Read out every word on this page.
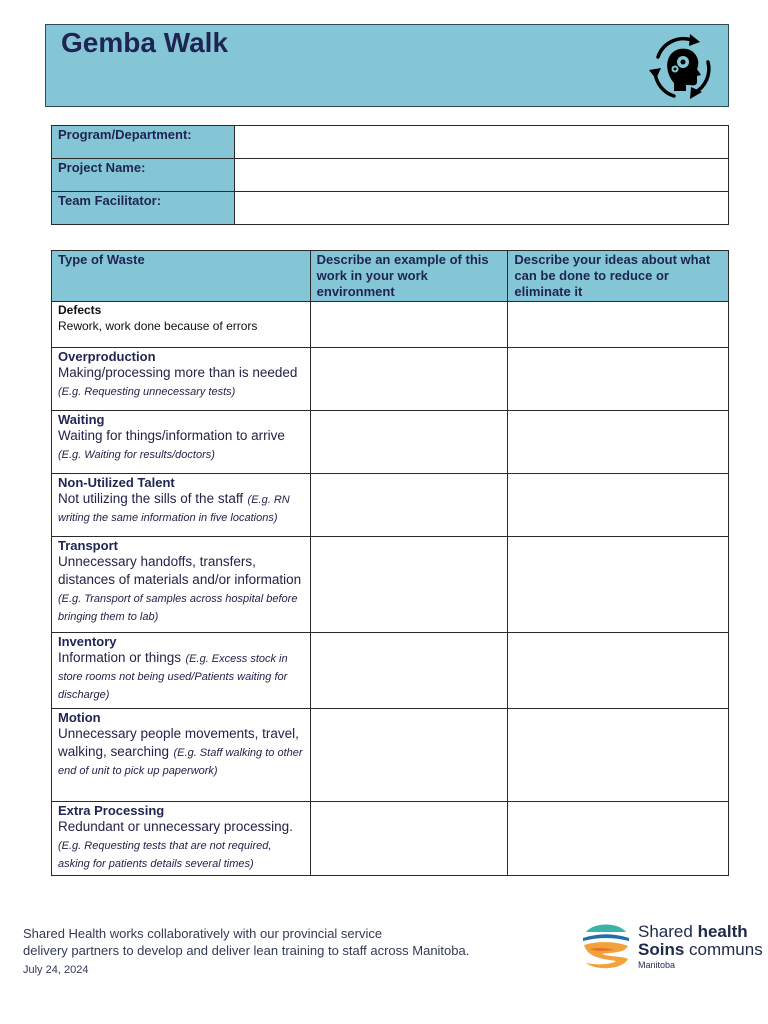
Gemba Walk
Program/Department:	
Project Name:	
Team Facilitator:	
Type of Waste	Describe an example of this work in your work environment	Describe your ideas about what can be done to reduce or eliminate it

Defects
Rework, work done because of errors		

Overproduction
Making/processing more than is needed
(E.g. Requesting unnecessary tests)		

Waiting
Waiting for things/information to arrive
(E.g. Waiting for results/doctors)		

Non-Utilized Talent
Not utilizing the sills of the staff (E.g. RN writing the same information in five locations)		

Transport
Unnecessary handoffs, transfers, distances of materials and/or information (E.g. Transport of samples across hospital before bringing them to lab)		

Inventory
Information or things (E.g. Excess stock in store rooms not being used/Patients waiting for discharge)		

Motion
Unnecessary people movements, travel, walking, searching (E.g. Staff walking to other end of unit to pick up paperwork)		

Extra Processing
Redundant or unnecessary processing.
(E.g. Requesting tests that are not required, asking for patients details several times)		
Shared Health works collaboratively with our provincial service
delivery partners to develop and deliver lean training to staff across Manitoba.
July 24, 2024
Shared health
Soins communs
Manitoba
